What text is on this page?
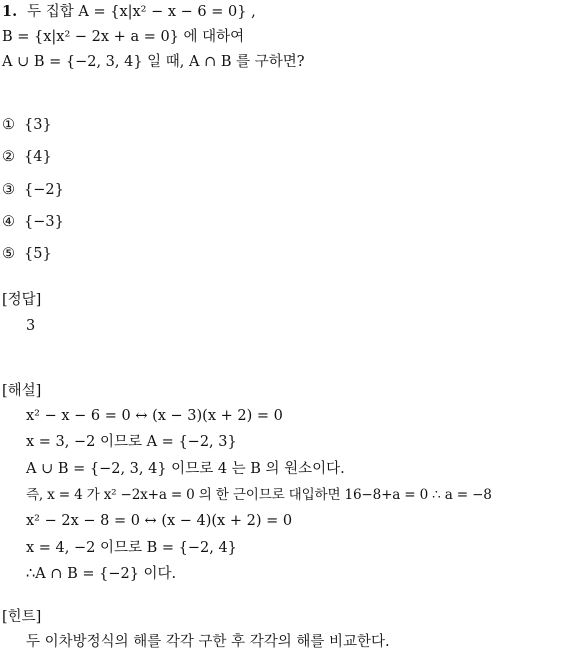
1. 두 집합 A = {x|x² − x − 6 = 0} ,
B = {x|x² − 2x + a = 0} 에 대하여
A ∪ B = {−2, 3, 4} 일 때, A ∩ B 를 구하면?
① {3}
② {4}
③ {−2}
④ {−3}
⑤ {5}
[정답]
3
[해설]
x² − x − 6 = 0 ↔ (x − 3)(x + 2) = 0
x = 3, −2 이므로 A = {−2, 3}
A ∪ B = {−2, 3, 4} 이므로 4 는 B 의 원소이다.
즉, x = 4 가 x² −2x+a = 0 의 한 근이므로 대입하면 16−8+a = 0 ∴ a = −8
x² − 2x − 8 = 0 ↔ (x − 4)(x + 2) = 0
x = 4, −2 이므로 B = {−2, 4}
∴A ∩ B = {−2} 이다.
[힌트]
두 이차방정식의 해를 각각 구한 후 각각의 해를 비교한다.
